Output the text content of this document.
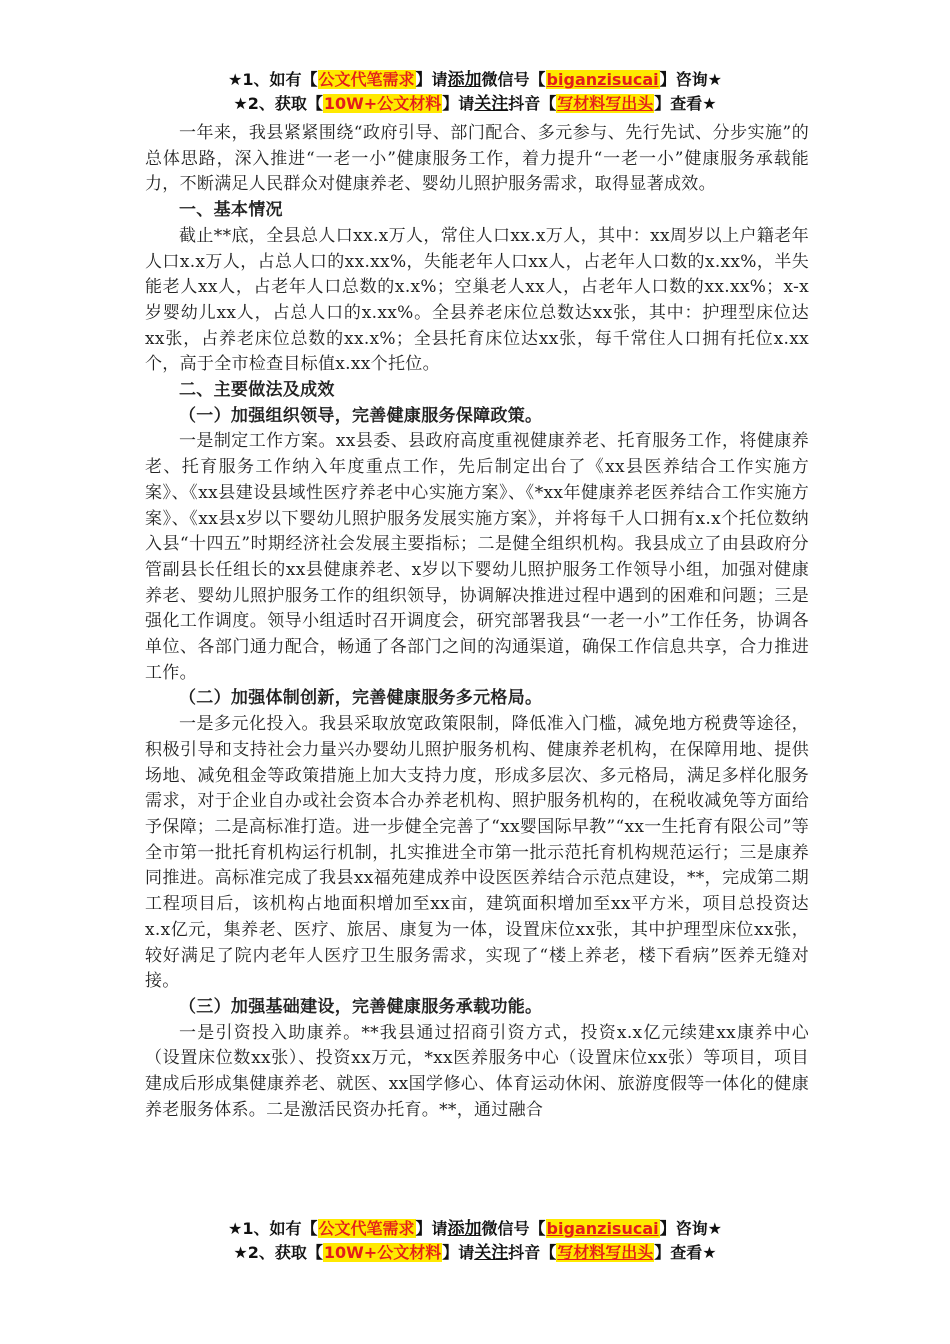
★1、如有【公文代笔需求】请添加微信号【biganzisucai】咨询★
★2、获取【10W+公文材料】请关注抖音【写材料写出头】查看★

一年来，我县紧紧围绕“政府引导、部门配合、多元参与、先行先试、分步实施”的总体思路，深入推进“一老一小”健康服务工作，着力提升“一老一小”健康服务承载能力，不断满足人民群众对健康养老、婴幼儿照护服务需求，取得显著成效。

一、基本情况

截止**底，全县总人口xx.x万人，常住人口xx.x万人，其中：xx周岁以上户籍老年人口x.x万人，占总人口的xx.xx%，失能老年人口xx人，占老年人口数的x.xx%，半失能老人xx人，占老年人口总数的x.x%；空巢老人xx人，占老年人口数的xx.xx%；x-x岁婴幼儿xx人，占总人口的x.xx%。全县养老床位总数达xx张，其中：护理型床位达xx张，占养老床位总数的xx.x%；全县托育床位达xx张，每千常住人口拥有托位x.xx个，高于全市检查目标值x.xx个托位。

二、主要做法及成效

（一）加强组织领导，完善健康服务保障政策。

一是制定工作方案。xx县委、县政府高度重视健康养老、托育服务工作，将健康养老、托育服务工作纳入年度重点工作，先后制定出台了《xx县医养结合工作实施方案》、《xx县建设县域性医疗养老中心实施方案》、《*xx年健康养老医养结合工作实施方案》、《xx县x岁以下婴幼儿照护服务发展实施方案》，并将每千人口拥有x.x个托位数纳入县“十四五”时期经济社会发展主要指标；二是健全组织机构。我县成立了由县政府分管副县长任组长的xx县健康养老、x岁以下婴幼儿照护服务工作领导小组，加强对健康养老、婴幼儿照护服务工作的组织领导，协调解决推进过程中遇到的困难和问题；三是强化工作调度。领导小组适时召开调度会，研究部署我县“一老一小”工作任务，协调各单位、各部门通力配合，畅通了各部门之间的沟通渠道，确保工作信息共享，合力推进工作。

（二）加强体制创新，完善健康服务多元格局。

一是多元化投入。我县采取放宽政策限制，降低准入门槛，减免地方税费等途径，积极引导和支持社会力量兴办婴幼儿照护服务机构、健康养老机构，在保障用地、提供场地、减免租金等政策措施上加大支持力度，形成多层次、多元格局，满足多样化服务需求，对于企业自办或社会资本合办养老机构、照护服务机构的，在税收减免等方面给予保障；二是高标准打造。进一步健全完善了“xx婴国际早教”“xx一生托育有限公司”等全市第一批托育机构运行机制，扎实推进全市第一批示范托育机构规范运行；三是康养同推进。高标准完成了我县xx福苑建成养中设医医养结合示范点建设，**，完成第二期工程项目后，该机构占地面积增加至xx亩，建筑面积增加至xx平方米，项目总投资达x.x亿元，集养老、医疗、旅居、康复为一体，设置床位xx张，其中护理型床位xx张，较好满足了院内老年人医疗卫生服务需求，实现了“楼上养老，楼下看病”医养无缝对接。

（三）加强基础建设，完善健康服务承载功能。

一是引资投入助康养。**我县通过招商引资方式，投资x.x亿元续建xx康养中心（设置床位数xx张）、投资xx万元，*xx医养服务中心（设置床位xx张）等项目，项目建成后形成集健康养老、就医、xx国学修心、体育运动休闲、旅游度假等一体化的健康养老服务体系。二是激活民资办托育。**，通过融合

★1、如有【公文代笔需求】请添加微信号【biganzisucai】咨询★
★2、获取【10W+公文材料】请关注抖音【写材料写出头】查看★
